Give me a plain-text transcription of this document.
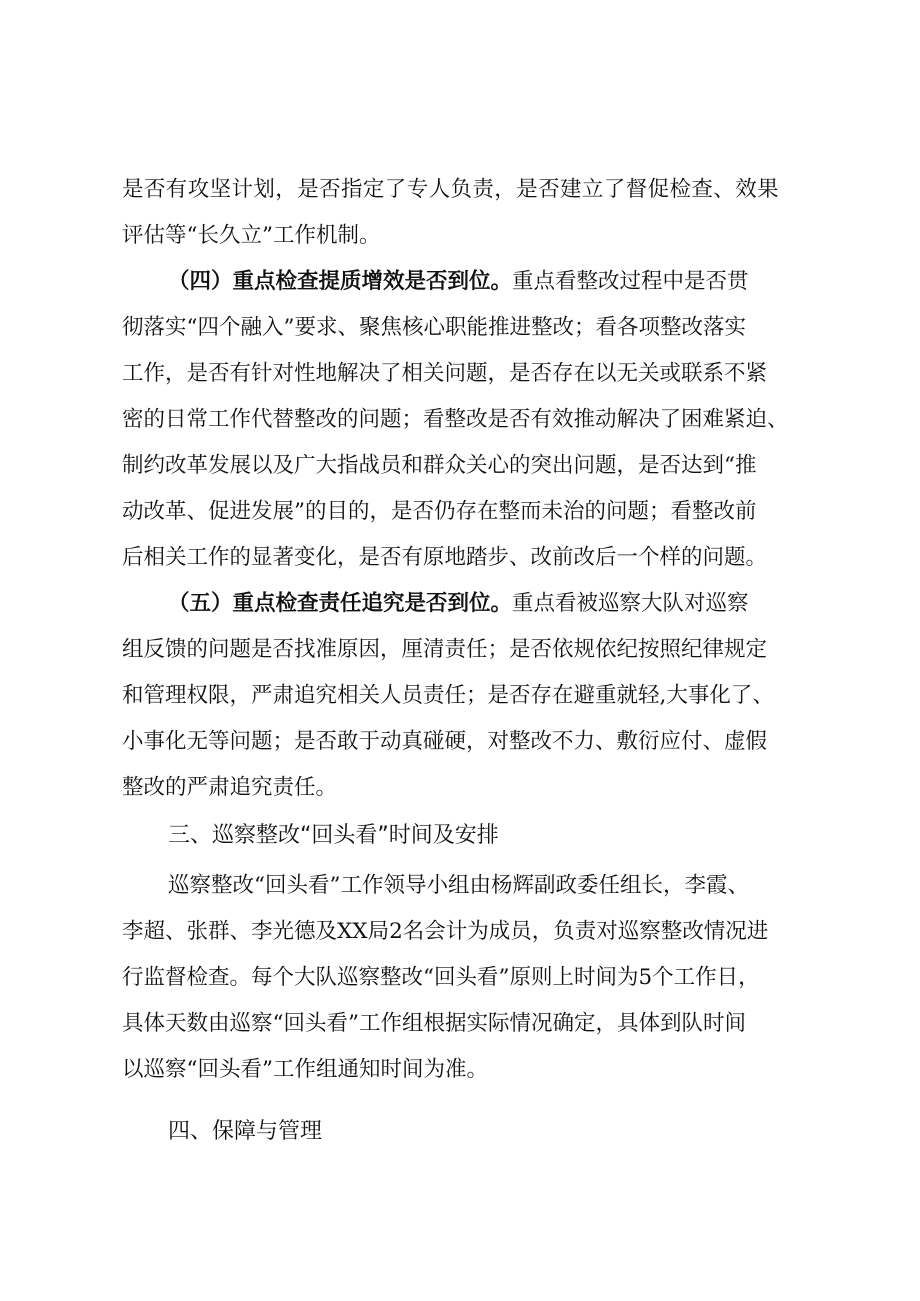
是否有攻坚计划，是否指定了专人负责，是否建立了督促检查、效果
评估等“长久立”工作机制。
（四）重点检查提质增效是否到位。重点看整改过程中是否贯
彻落实“四个融入”要求、聚焦核心职能推进整改；看各项整改落实
工作，是否有针对性地解决了相关问题，是否存在以无关或联系不紧
密的日常工作代替整改的问题；看整改是否有效推动解决了困难紧迫、
制约改革发展以及广大指战员和群众关心的突出问题，是否达到“推
动改革、促进发展”的目的，是否仍存在整而未治的问题；看整改前
后相关工作的显著变化，是否有原地踏步、改前改后一个样的问题。
（五）重点检查责任追究是否到位。重点看被巡察大队对巡察
组反馈的问题是否找准原因，厘清责任；是否依规依纪按照纪律规定
和管理权限，严肃追究相关人员责任；是否存在避重就轻,大事化了、
小事化无等问题；是否敢于动真碰硬，对整改不力、敷衍应付、虚假
整改的严肃追究责任。
三、巡察整改“回头看”时间及安排
巡察整改“回头看”工作领导小组由杨辉副政委任组长，李霞、
李超、张群、李光德及XX局2名会计为成员，负责对巡察整改情况进
行监督检查。每个大队巡察整改“回头看”原则上时间为5个工作日，
具体天数由巡察“回头看”工作组根据实际情况确定，具体到队时间
以巡察“回头看”工作组通知时间为准。
四、保障与管理
